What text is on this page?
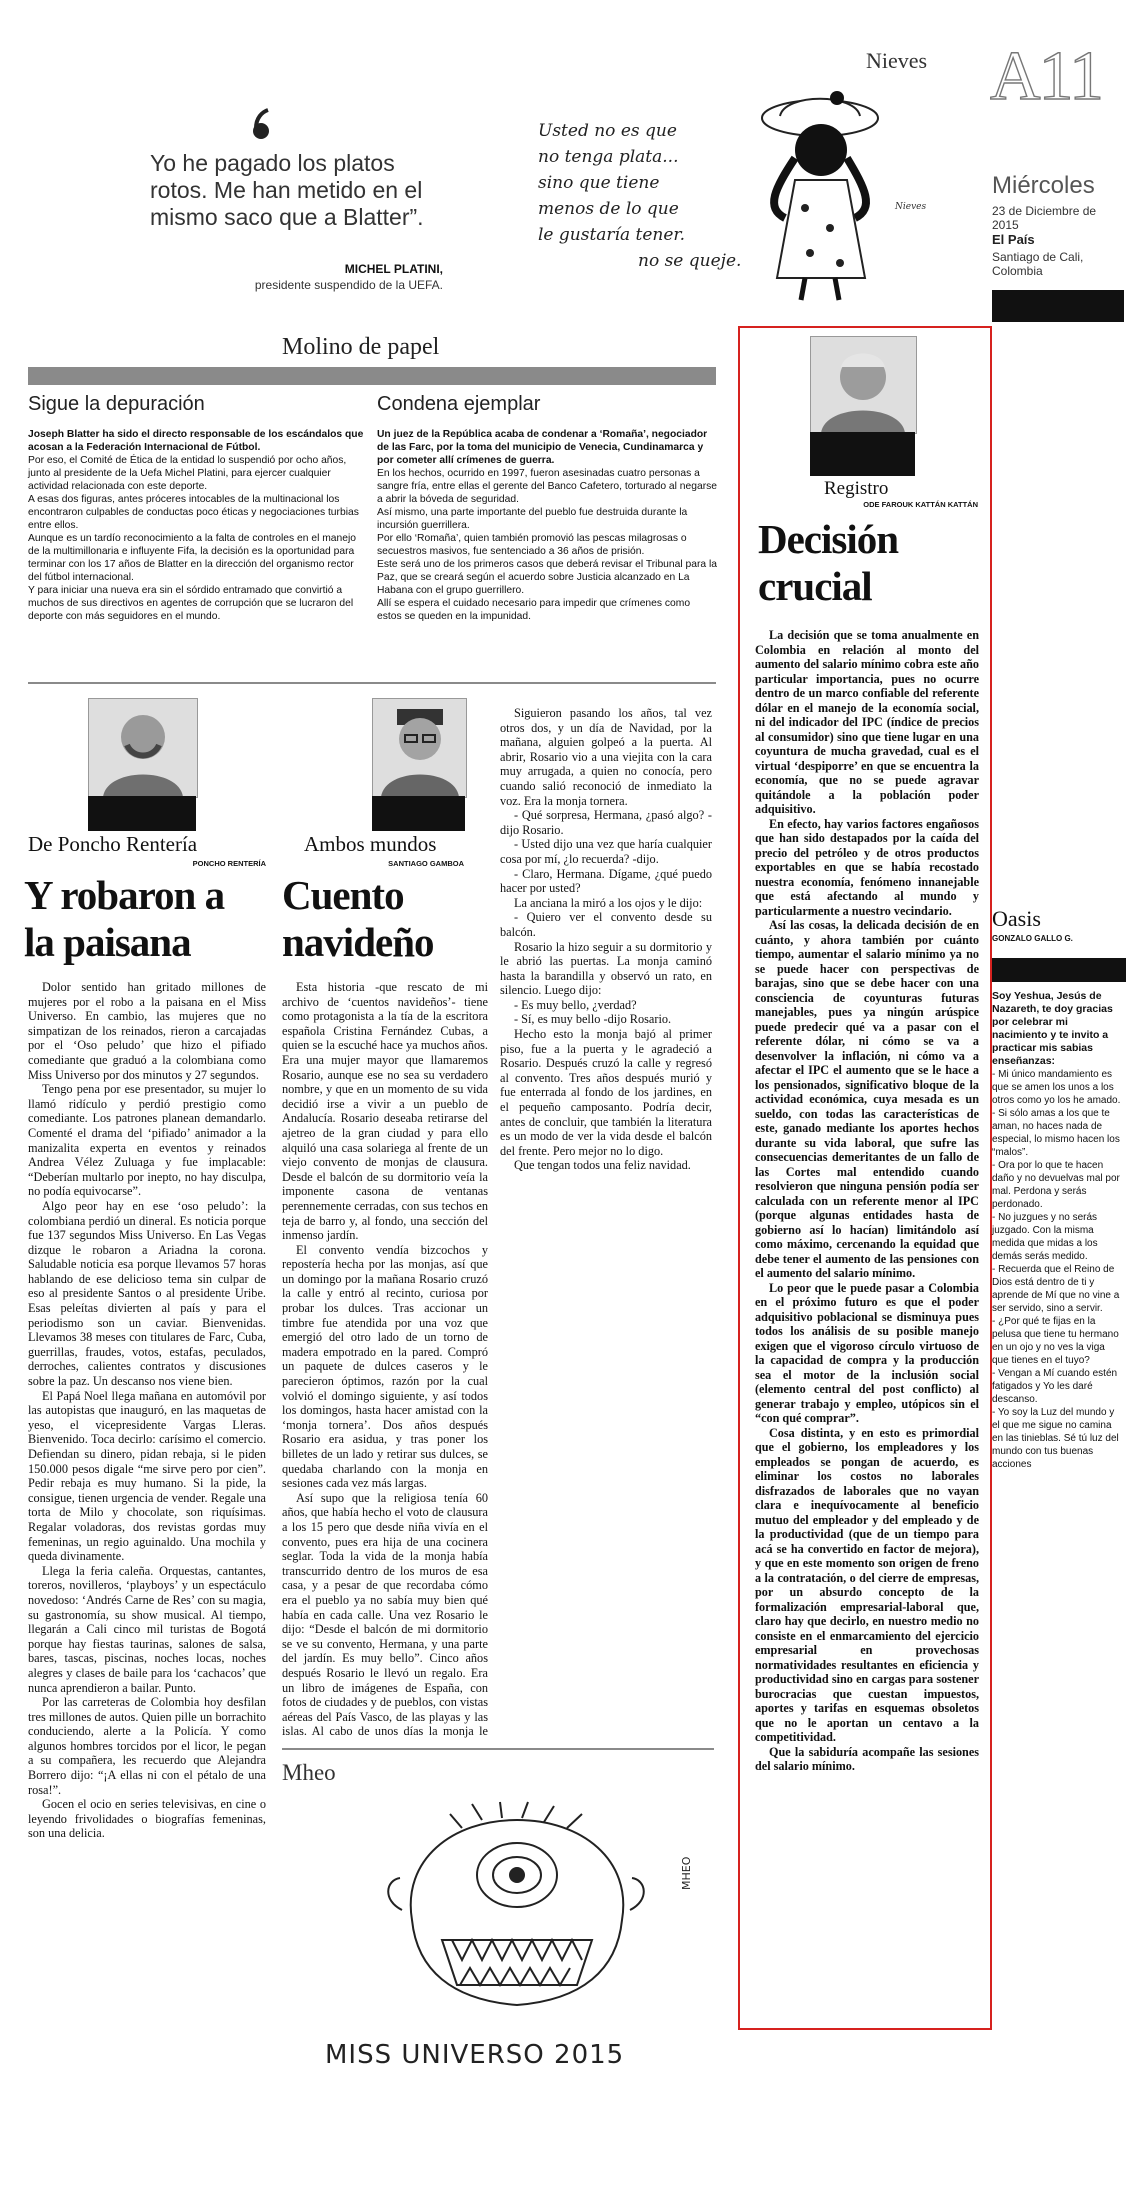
Nieves A11
Miércoles
23 de Diciembre de 2015
El País
Santiago de Cali, Colombia
Yo he pagado los platos rotos. Me han metido en el mismo saco que a Blatter”.
MICHEL PLATINI,
presidente suspendido de la UEFA.
Usted no es que
no tenga plata...
sino que tiene
menos de lo que
le gustaría tener.
no se queje.
Nieves
Molino de papel
Sigue la depuración
Joseph Blatter ha sido el directo responsable de los escándalos que acosan a la Federación Internacional de Fútbol.
Por eso, el Comité de Ética de la entidad lo suspendió por ocho años, junto al presidente de la Uefa Michel Platini, para ejercer cualquier actividad relacionada con este deporte.
A esas dos figuras, antes próceres intocables de la multinacional los encontraron culpables de conductas poco éticas y negociaciones turbias entre ellos.
Aunque es un tardío reconocimiento a la falta de controles en el manejo de la multimillonaria e influyente Fifa, la decisión es la oportunidad para terminar con los 17 años de Blatter en la dirección del organismo rector del fútbol internacional.
Y para iniciar una nueva era sin el sórdido entramado que convirtió a muchos de sus directivos en agentes de corrupción que se lucraron del deporte con más seguidores en el mundo.
Condena ejemplar
Un juez de la República acaba de condenar a ‘Romaña’, negociador de las Farc, por la toma del municipio de Venecia, Cundinamarca y por cometer allí crímenes de guerra.
En los hechos, ocurrido en 1997, fueron asesinadas cuatro personas a sangre fría, entre ellas el gerente del Banco Cafetero, torturado al negarse a abrir la bóveda de seguridad.
Así mismo, una parte importante del pueblo fue destruida durante la incursión guerrillera.
Por ello ‘Romaña’, quien también promovió las pescas milagrosas o secuestros masivos, fue sentenciado a 36 años de prisión.
Este será uno de los primeros casos que deberá revisar el Tribunal para la Paz, que se creará según el acuerdo sobre Justicia alcanzado en La Habana con el grupo guerrillero.
Allí se espera el cuidado necesario para impedir que crímenes como estos se queden en la impunidad.
De Poncho Rentería
PONCHO RENTERÍA
Y robaron a
la paisana

Dolor sentido han gritado millones de mujeres por el robo a la paisana en el Miss Universo. En cambio, las mujeres que no simpatizan de los reinados, rieron a carcajadas por el ‘Oso peludo’ que hizo el pifiado comediante que graduó a la colombiana como Miss Universo por dos minutos y 27 segundos.

Tengo pena por ese presentador, su mujer lo llamó ridículo y perdió prestigio como comediante. Los patrones planean demandarlo. Comenté el drama del ‘pifiado’ animador a la manizalita experta en eventos y reinados Andrea Vélez Zuluaga y fue implacable: “Deberían multarlo por inepto, no hay disculpa, no podía equivocarse”.

Algo peor hay en ese ‘oso peludo’: la colombiana perdió un dineral. Es noticia porque fue 137 segundos Miss Universo. En Las Vegas dizque le robaron a Ariadna la corona. Saludable noticia esa porque llevamos 57 horas hablando de ese delicioso tema sin culpar de eso al presidente Santos o al presidente Uribe. Esas peleítas divierten al país y para el periodismo son un caviar. Bienvenidas. Llevamos 38 meses con titulares de Farc, Cuba, guerrillas, fraudes, votos, estafas, peculados, derroches, calientes contratos y discusiones sobre la paz. Un descanso nos viene bien.

El Papá Noel llega mañana en automóvil por las autopistas que inauguró, en las maquetas de yeso, el vicepresidente Vargas Lleras. Bienvenido. Toca decirlo: carísimo el comercio. Defiendan su dinero, pidan rebaja, si le piden 150.000 pesos digale “me sirve pero por cien”. Pedir rebaja es muy humano. Si la pide, la consigue, tienen urgencia de vender. Regale una torta de Milo y chocolate, son riquísimas. Regalar voladoras, dos revistas gordas muy femeninas, un regio aguinaldo. Una mochila y queda divinamente.

Llega la feria caleña. Orquestas, cantantes, toreros, novilleros, ‘playboys’ y un espectáculo novedoso: ‘Andrés Carne de Res’ con su magia, su gastronomía, su show musical. Al tiempo, llegarán a Cali cinco mil turistas de Bogotá porque hay fiestas taurinas, salones de salsa, bares, tascas, piscinas, noches locas, noches alegres y clases de baile para los ‘cachacos’ que nunca aprendieron a bailar. Punto.

Por las carreteras de Colombia hoy desfilan tres millones de autos. Quien pille un borrachito conduciendo, alerte a la Policía. Y como algunos hombres torcidos por el licor, le pegan a su compañera, les recuerdo que Alejandra Borrero dijo: “¡A ellas ni con el pétalo de una rosa!”.

Gocen el ocio en series televisivas, en cine o leyendo frivolidades o biografías femeninas, son una delicia.

Ambos mundos
SANTIAGO GAMBOA
Cuento
navideño

Esta historia -que rescato de mi archivo de ‘cuentos navideños’- tiene como protagonista a la tía de la escritora española Cristina Fernández Cubas, a quien se la escuché hace ya muchos años. Era una mujer mayor que llamaremos Rosario, aunque ese no sea su verdadero nombre, y que en un momento de su vida decidió irse a vivir a un pueblo de Andalucía. Rosario deseaba retirarse del ajetreo de la gran ciudad y para ello alquiló una casa solariega al frente de un viejo convento de monjas de clausura. Desde el balcón de su dormitorio veía la imponente casona de ventanas perennemente cerradas, con sus techos en teja de barro y, al fondo, una sección del inmenso jardín.

El convento vendía bizcochos y repostería hecha por las monjas, así que un domingo por la mañana Rosario cruzó la calle y entró al recinto, curiosa por probar los dulces. Tras accionar un timbre fue atendida por una voz que emergió del otro lado de un torno de madera empotrado en la pared. Compró un paquete de dulces caseros y le parecieron óptimos, razón por la cual volvió el domingo siguiente, y así todos los domingos, hasta hacer amistad con la ‘monja tornera’. Dos años después Rosario era asidua, y tras poner los billetes de un lado y retirar sus dulces, se quedaba charlando con la monja en sesiones cada vez más largas.

Así supo que la religiosa tenía 60 años, que había hecho el voto de clausura a los 15 pero que desde niña vivía en el convento, pues era hija de una cocinera seglar. Toda la vida de la monja había transcurrido dentro de los muros de esa casa, y a pesar de que recordaba cómo era el pueblo ya no sabía muy bien qué había en cada calle. Una vez Rosario le dijo: “Desde el balcón de mi dormitorio se ve su convento, Hermana, y una parte del jardín. Es muy bello”. Cinco años después Rosario le llevó un regalo. Era un libro de imágenes de España, con fotos de ciudades y de pueblos, con vistas aéreas del País Vasco, de las playas y las islas. Al cabo de unos días la monja le

Siguieron pasando los años, tal vez otros dos, y un día de Navidad, por la mañana, alguien golpeó a la puerta. Al abrir, Rosario vio a una viejita con la cara muy arrugada, a quien no conocía, pero cuando salió reconoció de inmediato la voz. Era la monja tornera.

- Qué sorpresa, Hermana, ¿pasó algo? -dijo Rosario.

- Usted dijo una vez que haría cualquier cosa por mí, ¿lo recuerda? -dijo.

- Claro, Hermana. Dígame, ¿qué puedo hacer por usted?

La anciana la miró a los ojos y le dijo:

- Quiero ver el convento desde su balcón.

Rosario la hizo seguir a su dormitorio y le abrió las puertas. La monja caminó hasta la barandilla y observó un rato, en silencio. Luego dijo:

- Es muy bello, ¿verdad?

- Sí, es muy bello -dijo Rosario.

Hecho esto la monja bajó al primer piso, fue a la puerta y le agradeció a Rosario. Después cruzó la calle y regresó al convento. Tres años después murió y fue enterrada al fondo de los jardines, en el pequeño camposanto. Podría decir, antes de concluir, que también la literatura es un modo de ver la vida desde el balcón del frente. Pero mejor no lo digo.

Que tengan todos una feliz navidad.

Mheo
MHEO
MISS UNIVERSO 2015
Registro
ODE FAROUK KATTÁN KATTÁN
Decisión
crucial

La decisión que se toma anualmente en Colombia en relación al monto del aumento del salario mínimo cobra este año particular importancia, pues no ocurre dentro de un marco confiable del referente dólar en el manejo de la economía social, ni del indicador del IPC (índice de precios al consumidor) sino que tiene lugar en una coyuntura de mucha gravedad, cual es el virtual ‘despiporre’ en que se encuentra la economía, que no se puede agravar quitándole a la población poder adquisitivo.

En efecto, hay varios factores engañosos que han sido destapados por la caída del precio del petróleo y de otros productos exportables en que se había recostado nuestra economía, fenómeno innanejable que está afectando al mundo y particularmente a nuestro vecindario.

Así las cosas, la delicada decisión de en cuánto, y ahora también por cuánto tiempo, aumentar el salario mínimo ya no se puede hacer con perspectivas de barajas, sino que se debe hacer con una consciencia de coyunturas futuras manejables, pues ya ningún arúspice puede predecir qué va a pasar con el referente dólar, ni cómo se va a desenvolver la inflación, ni cómo va a afectar el IPC el aumento que se le hace a los pensionados, significativo bloque de la actividad económica, cuya mesada es un sueldo, con todas las características de este, ganado mediante los aportes hechos durante su vida laboral, que sufre las consecuencias demeritantes de un fallo de las Cortes mal entendido cuando resolvieron que ninguna pensión podía ser calculada con un referente menor al IPC (porque algunas entidades hasta de gobierno así lo hacían) limitándolo así como máximo, cercenando la equidad que debe tener el aumento de las pensiones con el aumento del salario mínimo.

Lo peor que le puede pasar a Colombia en el próximo futuro es que el poder adquisitivo poblacional se disminuya pues todos los análisis de su posible manejo exigen que el vigoroso círculo virtuoso de la capacidad de compra y la producción sea el motor de la inclusión social (elemento central del post conflicto) al generar trabajo y empleo, utópicos sin el “con qué comprar”.

Cosa distinta, y en esto es primordial que el gobierno, los empleadores y los empleados se pongan de acuerdo, es eliminar los costos no laborales disfrazados de laborales que no vayan clara e inequívocamente al beneficio mutuo del empleador y del empleado y de la productividad (que de un tiempo para acá se ha convertido en factor de mejora), y que en este momento son origen de freno a la contratación, o del cierre de empresas, por un absurdo concepto de la formalización empresarial-laboral que, claro hay que decirlo, en nuestro medio no consiste en el enmarcamiento del ejercicio empresarial en provechosas normatividades resultantes en eficiencia y productividad sino en cargas para sostener burocracias que cuestan impuestos, aportes y tarifas en esquemas obsoletos que no le aportan un centavo a la competitividad.

Que la sabiduría acompañe las sesiones del salario mínimo.

Oasis
GONZALO GALLO G.
Soy Yeshua, Jesús de Nazareth, te doy gracias por celebrar mi nacimiento y te invito a practicar mis sabias enseñanzas:
- Mi único mandamiento es que se amen los unos a los otros como yo los he amado.
- Si sólo amas a los que te aman, no haces nada de especial, lo mismo hacen los “malos”.
- Ora por lo que te hacen daño y no devuelvas mal por mal. Perdona y serás perdonado.
- No juzgues y no serás juzgado. Con la misma medida que midas a los demás serás medido.
- Recuerda que el Reino de Dios está dentro de ti y aprende de Mí que no vine a ser servido, sino a servir.
- ¿Por qué te fijas en la pelusa que tiene tu hermano en un ojo y no ves la viga que tienes en el tuyo?
- Vengan a Mí cuando estén fatigados y Yo les daré descanso.
- Yo soy la Luz del mundo y el que me sigue no camina en las tinieblas. Sé tú luz del mundo con tus buenas acciones
